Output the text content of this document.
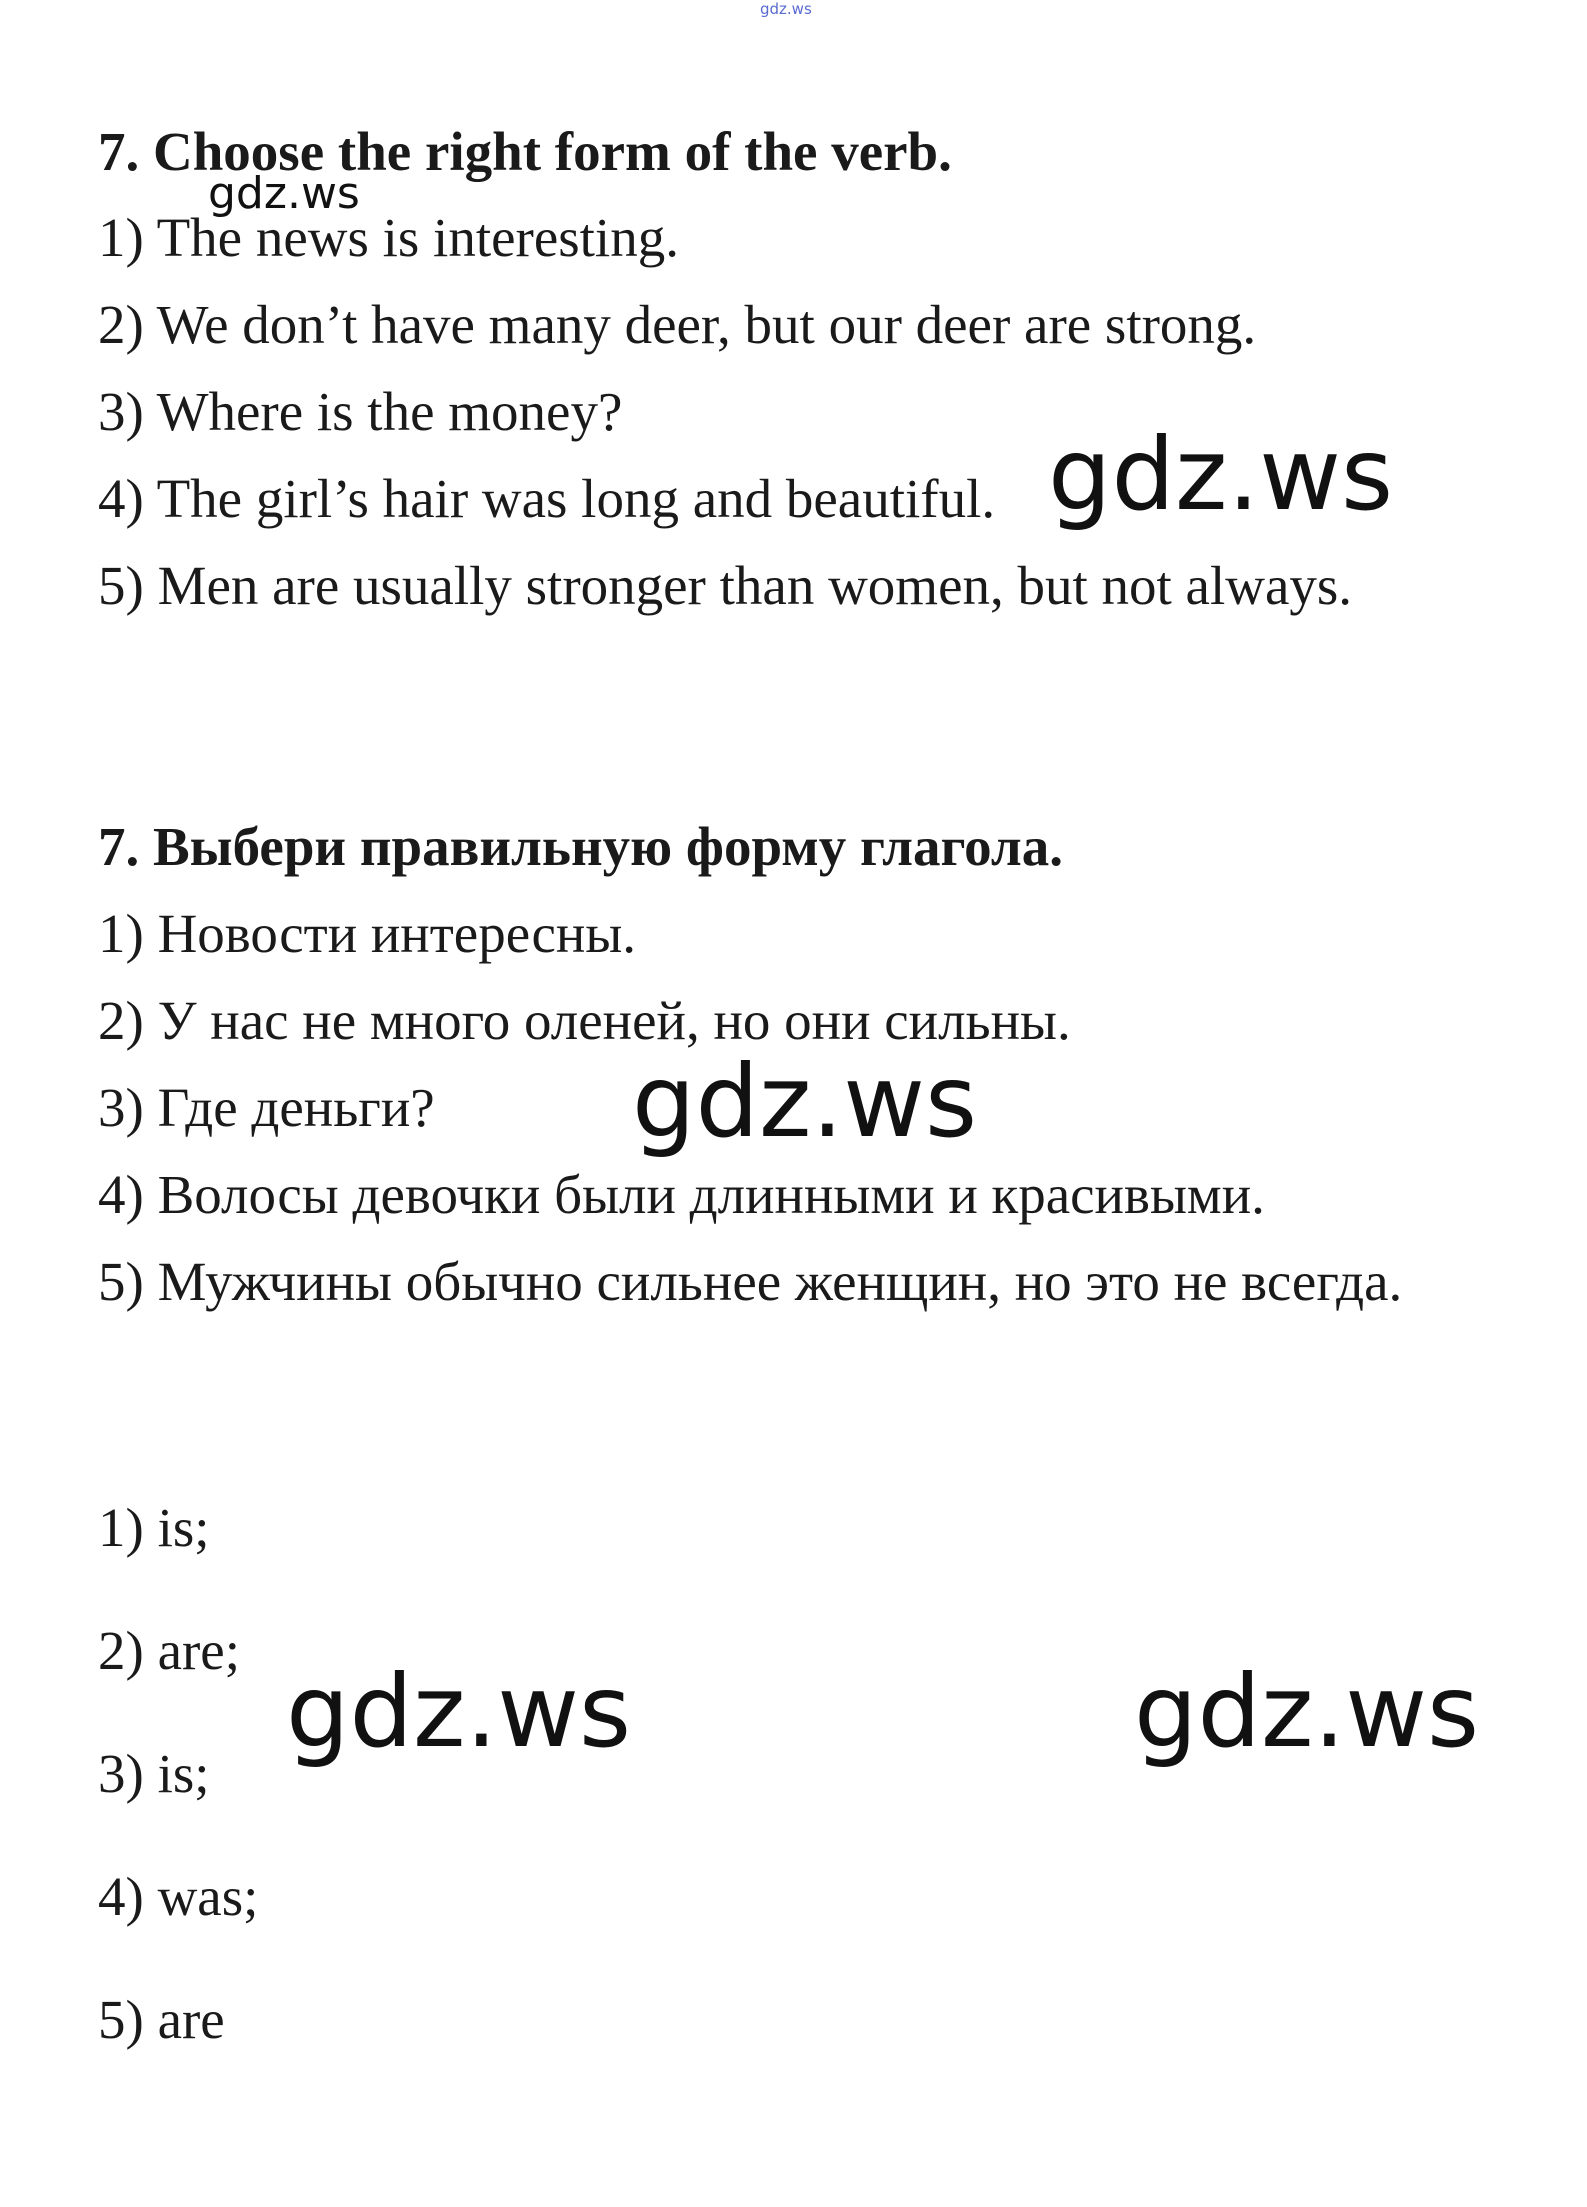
gdz.ws
gdz.ws

7. Choose the right form of the verb.

1) The news is interesting.

2) We don’t have many deer, but our deer are strong.

3) Where is the money?

4) The girl’s hair was long and beautiful.

5) Men are usually stronger than women, but not always.

7. Выбери правильную форму глагола.

1) Новости интересны.

2) У нас не много оленей, но они сильны.

3) Где деньги?

4) Волосы девочки были длинными и красивыми.

5) Мужчины обычно сильнее женщин, но это не всегда.

1) is;

2) are;

3) is;

4) was;

5) are

gdz.ws
gdz.ws
gdz.ws	gdz.ws
